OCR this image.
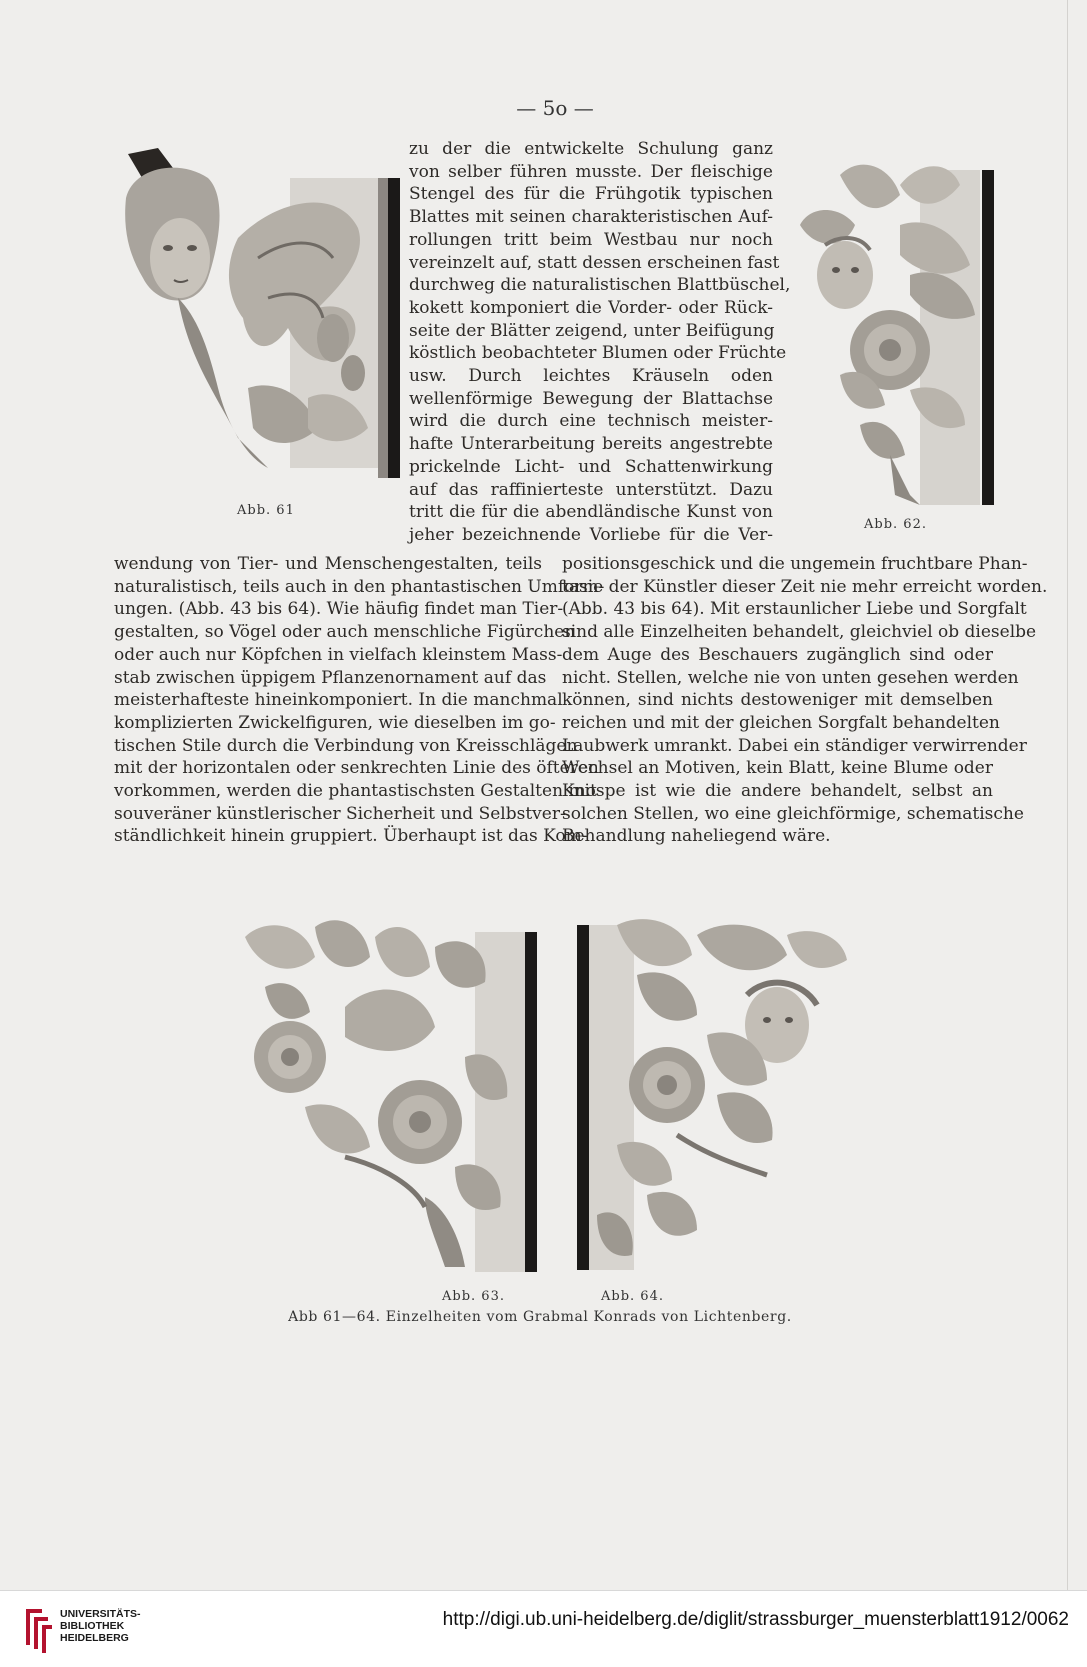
— 5o —
Abb. 61
Abb. 62.
zu der die entwickelte Schulung ganz
von selber führen musste. Der fleischige
Stengel des für die Frühgotik typischen
Blattes mit seinen charakteristischen Auf-
rollungen tritt beim Westbau nur noch
vereinzelt auf, statt dessen erscheinen fast
durchweg die naturalistischen Blattbüschel,
kokett komponiert die Vorder- oder Rück-
seite der Blätter zeigend, unter Beifügung
köstlich beobachteter Blumen oder Früchte
usw. Durch leichtes Kräuseln oden
wellenförmige Bewegung der Blattachse
wird die durch eine technisch meister-
hafte Unterarbeitung bereits angestrebte
prickelnde Licht- und Schattenwirkung
auf das raffinierteste unterstützt. Dazu
tritt die für die abendländische Kunst von
jeher bezeichnende Vorliebe für die Ver-
wendung von Tier- und Menschengestalten, teils
naturalistisch, teils auch in den phantastischen Umform-
ungen. (Abb. 43 bis 64). Wie häufig findet man Tier-
gestalten, so Vögel oder auch menschliche Figürchen
oder auch nur Köpfchen in vielfach kleinstem Mass-
stab zwischen üppigem Pflanzenornament auf das
meisterhafteste hineinkomponiert. In die manchmal
komplizierten Zwickelfiguren, wie dieselben im go-
tischen Stile durch die Verbindung von Kreisschlägen
mit der horizontalen oder senkrechten Linie des öfteren
vorkommen, werden die phantastischsten Gestalten mit
souveräner künstlerischer Sicherheit und Selbstver-
ständlichkeit hinein gruppiert. Überhaupt ist das Kom-
positionsgeschick und die ungemein fruchtbare Phan-
tasie der Künstler dieser Zeit nie mehr erreicht worden.
(Abb. 43 bis 64). Mit erstaunlicher Liebe und Sorgfalt
sind alle Einzelheiten behandelt, gleichviel ob dieselbe
dem Auge des Beschauers zugänglich sind oder
nicht. Stellen, welche nie von unten gesehen werden
können, sind nichts destoweniger mit demselben
reichen und mit der gleichen Sorgfalt behandelten
Laubwerk umrankt. Dabei ein ständiger verwirrender
Wechsel an Motiven, kein Blatt, keine Blume oder
Knospe ist wie die andere behandelt, selbst an
solchen Stellen, wo eine gleichförmige, schematische
Behandlung naheliegend wäre.
Abb. 63.	Abb. 64.
Abb 61—64. Einzelheiten vom Grabmal Konrads von Lichtenberg.
UNIVERSITÄTS-
BIBLIOTHEK
HEIDELBERG
http://digi.ub.uni-heidelberg.de/diglit/strassburger_muensterblatt1912/0062
